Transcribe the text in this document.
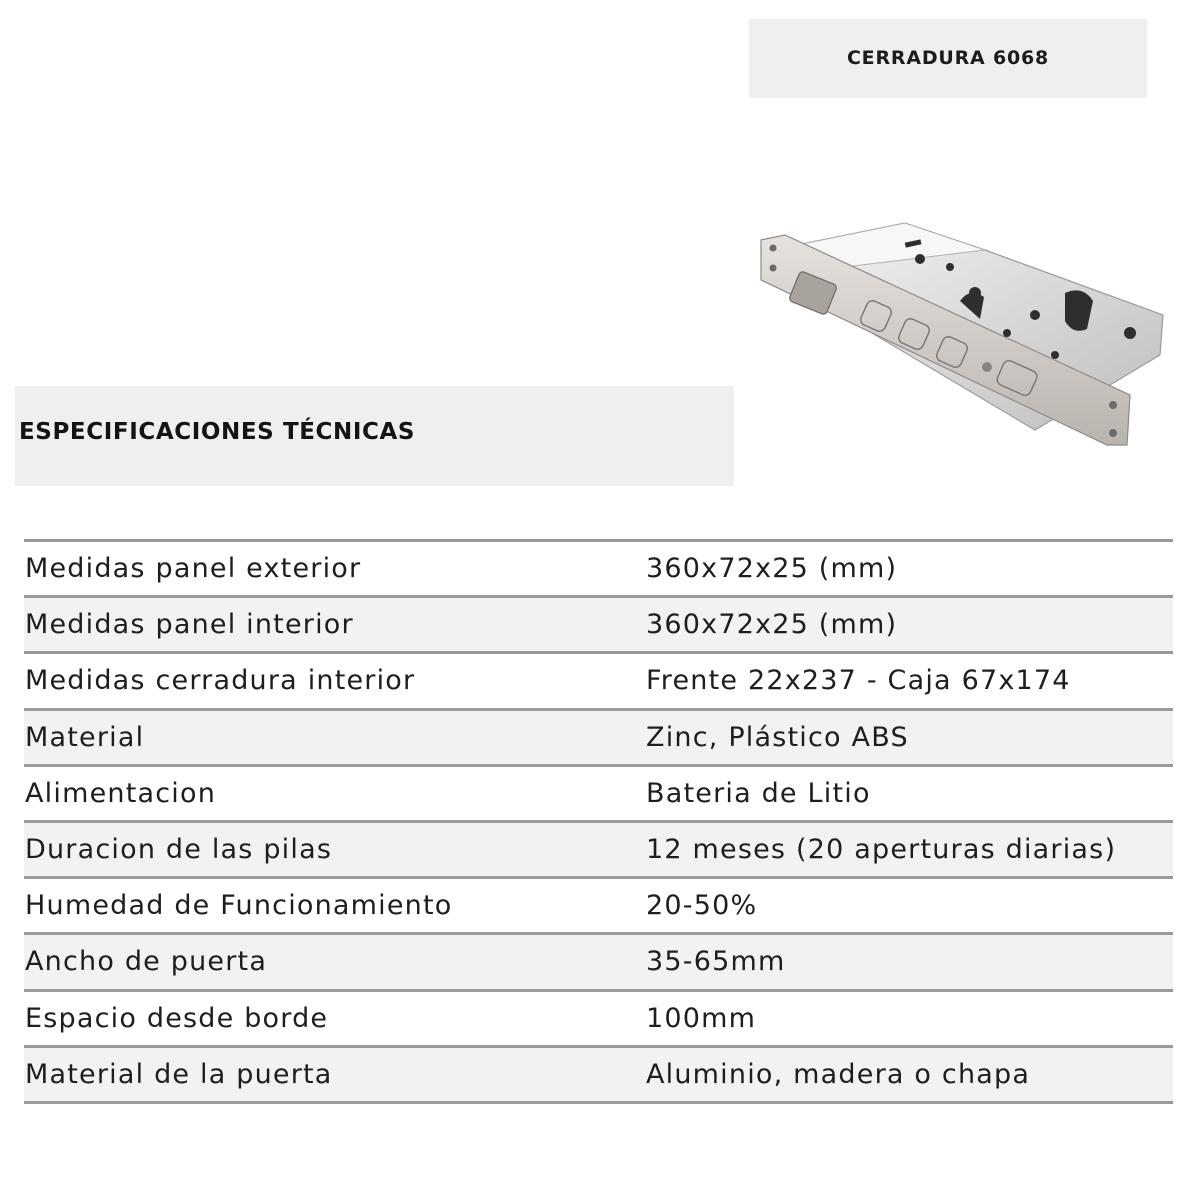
CERRADURA 6068
ESPECIFICACIONES TÉCNICAS
Medidas panel exterior	360x72x25 (mm)
Medidas panel interior	360x72x25 (mm)
Medidas cerradura interior	Frente 22x237 - Caja 67x174
Material	Zinc, Plástico ABS
Alimentacion	Bateria de Litio
Duracion de las pilas	12 meses (20 aperturas diarias)
Humedad de Funcionamiento	20-50%
Ancho de puerta	35-65mm
Espacio desde borde	100mm
Material de la puerta	Aluminio, madera o chapa
